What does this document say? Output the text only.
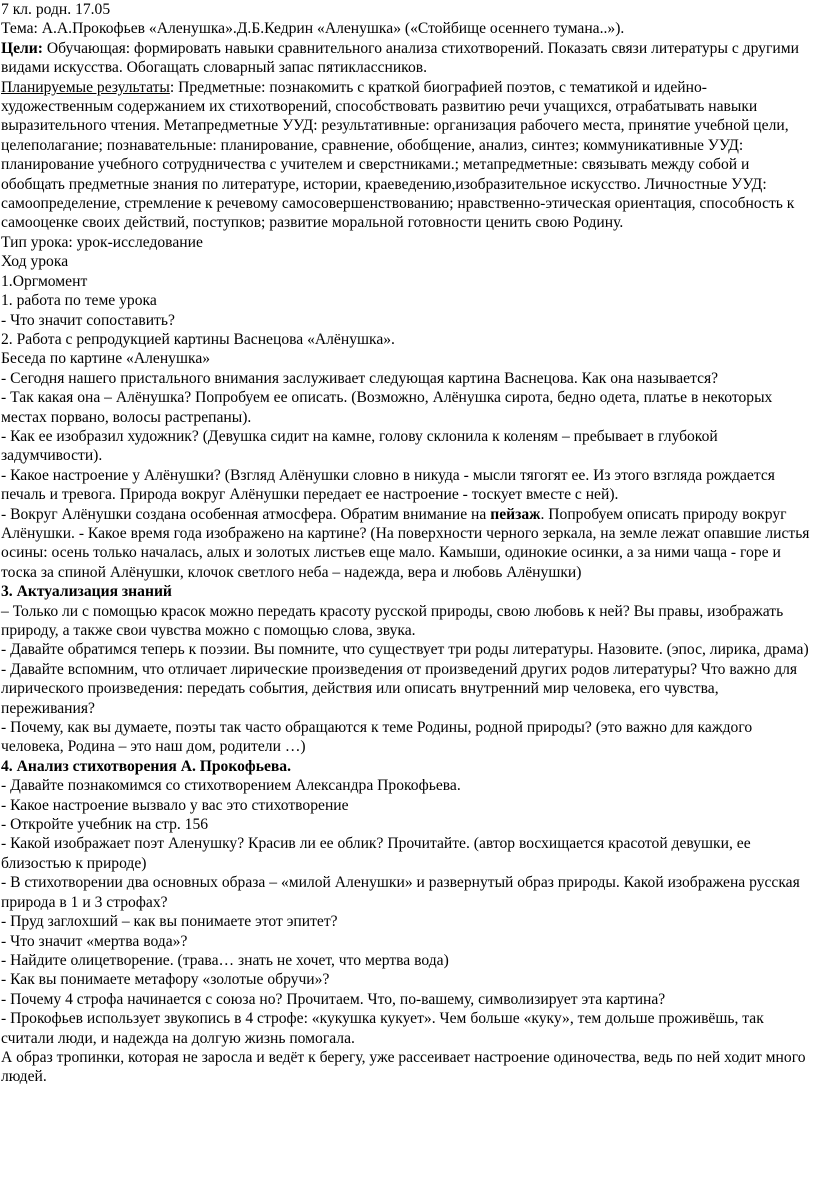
7 кл. родн. 17.05

Тема: А.А.Прокофьев «Аленушка».Д.Б.Кедрин «Аленушка» («Стойбище осеннего тумана..»).

Цели: Обучающая: формировать навыки сравнительного анализа стихотворений. Показать связи литературы с другими видами искусства. Обогащать словарный запас пятиклассников.

Планируемые результаты: Предметные: познакомить с краткой биографией поэтов, с тематикой и идейно-художественным содержанием их стихотворений, способствовать развитию речи учащихся, отрабатывать навыки выразительного чтения. Метапредметные УУД: результативные: организация рабочего места, принятие учебной цели, целеполагание; познавательные: планирование, сравнение, обобщение, анализ, синтез; коммуникативные УУД: планирование учебного сотрудничества с учителем и сверстниками.; метапредметные: связывать между собой и обобщать предметные знания по литературе, истории, краеведению,изобразительное искусство. Личностные УУД: самоопределение, стремление к речевому самосовершенствованию; нравственно-этическая ориентация, способность к самооценке своих действий, поступков; развитие моральной готовности ценить свою Родину.

Тип урока: урок-исследование

Ход урока

1.Оргмомент

1. работа по теме урока

- Что значит сопоставить?

2. Работа с репродукцией картины Васнецова «Алёнушка».

Беседа по картине «Аленушка»

- Сегодня нашего пристального внимания заслуживает следующая картина Васнецова. Как она называется?

- Так какая она – Алёнушка? Попробуем ее описать. (Возможно, Алёнушка сирота, бедно одета, платье в некоторых местах порвано, волосы растрепаны).

- Как ее изобразил художник? (Девушка сидит на камне, голову склонила к коленям – пребывает в глубокой задумчивости).

- Какое настроение у Алёнушки? (Взгляд Алёнушки словно в никуда - мысли тягогят ее. Из этого взгляда рождается печаль и тревога. Природа вокруг Алёнушки передает ее настроение - тоскует вместе с ней).

- Вокруг Алёнушки создана особенная атмосфера. Обратим внимание на пейзаж. Попробуем описать природу вокруг Алёнушки. - Какое время года изображено на картине? (На поверхности черного зеркала, на земле лежат опавшие листья осины: осень только началась, алых и золотых листьев еще мало. Камыши, одинокие осинки, а за ними чаща - горе и тоска за спиной Алёнушки, клочок светлого неба – надежда, вера и любовь Алёнушки)

3. Актуализация знаний

– Только ли с помощью красок можно передать красоту русской природы, свою любовь к ней? Вы правы, изображать природу, а также свои чувства можно с помощью слова, звука.

- Давайте обратимся теперь к поэзии. Вы помните, что существует три роды литературы. Назовите. (эпос, лирика, драма)

- Давайте вспомним, что отличает лирические произведения от произведений других родов литературы? Что важно для лирического произведения: передать события, действия или описать внутренний мир человека, его чувства, переживания?

- Почему, как вы думаете, поэты так часто обращаются к теме Родины, родной природы? (это важно для каждого человека, Родина – это наш дом, родители …)

4. Анализ стихотворения А. Прокофьева.

- Давайте познакомимся со стихотворением Александра Прокофьева.

- Какое настроение вызвало у вас это стихотворение

- Откройте учебник на стр. 156

- Какой изображает поэт Аленушку? Красив ли ее облик? Прочитайте. (автор восхищается красотой девушки, ее близостью к природе)

- В стихотворении два основных образа – «милой Аленушки» и развернутый образ природы. Какой изображена русская природа в 1 и 3 строфах?

- Пруд заглохший – как вы понимаете этот эпитет?

- Что значит «мертва вода»?

- Найдите олицетворение. (трава… знать не хочет, что мертва вода)

- Как вы понимаете метафору «золотые обручи»?

- Почему 4 строфа начинается с союза но? Прочитаем. Что, по-вашему, символизирует эта картина?

- Прокофьев использует звукопись в 4 строфе: «кукушка кукует». Чем больше «куку», тем дольше проживёшь, так считали люди, и надежда на долгую жизнь помогала.

А образ тропинки, которая не заросла и ведёт к берегу, уже рассеивает настроение одиночества, ведь по ней ходит много людей.
